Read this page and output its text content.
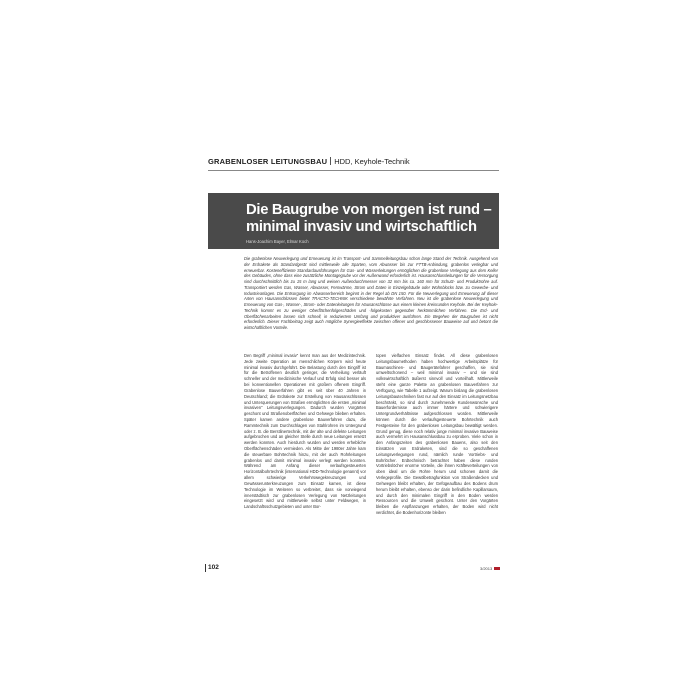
GRABENLOSER LEITUNGSBAU HDD, Keyhole-Technik
Die Baugrube von morgen ist rund – minimal invasiv und wirtschaftlich
Hans-Joachim Bayer, Elmar Koch

Die grabenlose Neuverlegung und Erneuerung ist im Transport- und Sammelleitungsbau schon lange Stand der Technik. Ausgehend von der Erdrakete als Standardgerät sind mittlerweile alle Sparten, vom Abwasser bis zur FTTB-Anbindung, grabenlos verlegbar und erneuerbar. Kosteneffiziente Standardausführungen für Gas- und Wasserleitungen ermöglichen die grabenlose Verlegung aus dem Keller des Gebäudes, ohne dass eine zusätzliche Montagegrube vor der Außenwand erforderlich ist. Hausanschlussleitungen für die Versorgung sind durchschnittlich bis zu 15 m lang und weisen Außendurchmesser von 32 mm bis ca. 160 mm für Schutz- und Produktrohre auf. Transportiert werden Gas, Wasser, Abwasser, Fernwärme, Strom und Daten in Einzelgebäude oder Wohnblocks bzw. zu Gewerbe- und Industrieanlagen. Die Entsorgung im Abwasserbereich beginnt in der Regel ab DN 150. Für die Neuverlegung und Erneuerung all dieser Arten von Hausanschlüssen bietet TRACTO-TECHNIK verschiedene bewährte Verfahren. Neu ist die grabenlose Neuverlegung und Erneuerung von Gas-, Wasser-, Strom- oder Datenleitungen für Hausanschlüsse aus einem kleinen kreisrunden Keyhole. Bei der Keyhole-Technik kommt es zu weniger Oberflächenfolgeschäden und -folgekosten gegenüber herkömmlichen Verfahren. Die Erd- und Oberflächenarbeiten lassen sich schnell, in reduziertem Umfang und produktiver ausführen. Ein Begehen der Baugruben ist nicht erforderlich. Dieser Fachbeitrag zeigt auch mögliche Synergieeffekte zwischen offener und geschlossener Bauweise auf und betont die wirtschaftlichen Vorteile.

Den Begriff „minimal invasiv“ kennt man aus der Medizintechnik. Jede zweite Operation an menschlichen Körpern wird heute minimal invasiv durchgeführt. Die Belastung durch den Eingriff ist für die Betroffenen deutlich geringer, die Verheilung verläuft schneller und der medizinische Verlauf und Erfolg sind besser als bei konventionellen Operationen mit großem offenem Eingriff. Grabenlose Bauverfahren gibt es seit über 40 Jahren in Deutschland; die Erdrakete zur Erstellung von Hausanschlüssen und Unterquerungen von Straßen ermöglichten die ersten „minimal invasiven“ Leitungsverlegungen. Dadurch wurden Vorgärten geschont und Straßenoberflächen und Gehwege blieben erhalten. Später kamen andere grabenlose Bauverfahren dazu, die Rammtechnik zum Durchschlagen von Stahlrohren im Untergrund oder z. B. die Berstlinertechnik, mit der alte und defekte Leitungen aufgebrochen und an gleicher Stelle durch neue Leitungen ersetzt werden konnten. Auch hierdurch wurden und werden erhebliche Oberflächenschäden vermieden. Als Mitte der 1980er Jahre kam die steuerbare Bohrtechnik hinzu, mit der auch Rohrleitungen grabenlos und damit minimal invasiv verlegt werden konnten. Während am Anfang dieser verlaufsgesteuerten Horizontalbohrtechnik (international HDD-Technologie genannt) vor allem schwierige Verkehrswegekreuzungen und Gewässerunterkreuzungen zum Einsatz kamen, ist diese Technologie im Weiteren so verbreitet, dass sie vorwiegend innerstädtisch zur grabenlosen Verlegung von Netzleitungen eingesetzt wird und mittlerweile selbst unter Feldwegen, in Landschaftsschutzgebieten und unter Bor-

topen vielfachen Einsatz findet. All diese grabenlosen Leitungsbaumethoden haben hochwertige Arbeitsplätze für Baumaschinen- und Baugerätefahrer geschaffen, sie sind umweltschonend – weil minimal invasiv – und sie sind volkswirtschaftlich äußerst sinnvoll und vorteilhaft. Mittlerweile steht eine ganze Palette an grabenlosen Bauverfahren zur Verfügung, wie Tabelle 1 aufzeigt. Warum bislang die grabenlosen Leitungsbautechniken fast nur auf den Einsatz im Leitungsnetzbau beschränkt, so sind durch zunehmende Kundenwünsche und Bauerfordernisse auch immer härtere und schwierigere Untergrundverhältnisse aufgeschlossen worden. Mittlerweile können durch die verlaufsgesteuerte Bohrtechnik auch Festgesteine für den grabenlosen Leitungsbau bewältigt werden. Grund genug, diese noch relativ junge minimal invasive Bauweise auch vermehrt im Hausanschlussbau zu erproben. Viele schon in den Anfangszeiten des grabenlosen Bauens, also seit den Einsätzen von Erdraketen, sind die so geschaffenen Leitungsverlegungen rund, nämlich runde Vortriebs- und Bohrlöcher. Erdtechnisch betrachtet haben diese runden Vortriebslöcher enorme Vorteile, die ihnen Kräfteverteilungen von oben ideal um die Rohre herum und schonen damit die Verlegeprofile. Die Gewölbetragfunktion von Straßendecken und Gehwegen bleibt erhalten, der Gefügeaufbau des Bodens drum herum bleibt erhalten, ebenso der darin befindliche Kapillarsaum, und durch den minimalen Eingriff in den Boden werden Ressourcen und die Umwelt geschont. Unter den Vorgärten bleiben die Anpflanzungen erhalten, der Boden wird nicht verdichtet, die Bodenhorizonte bleiben

102	3/2013
